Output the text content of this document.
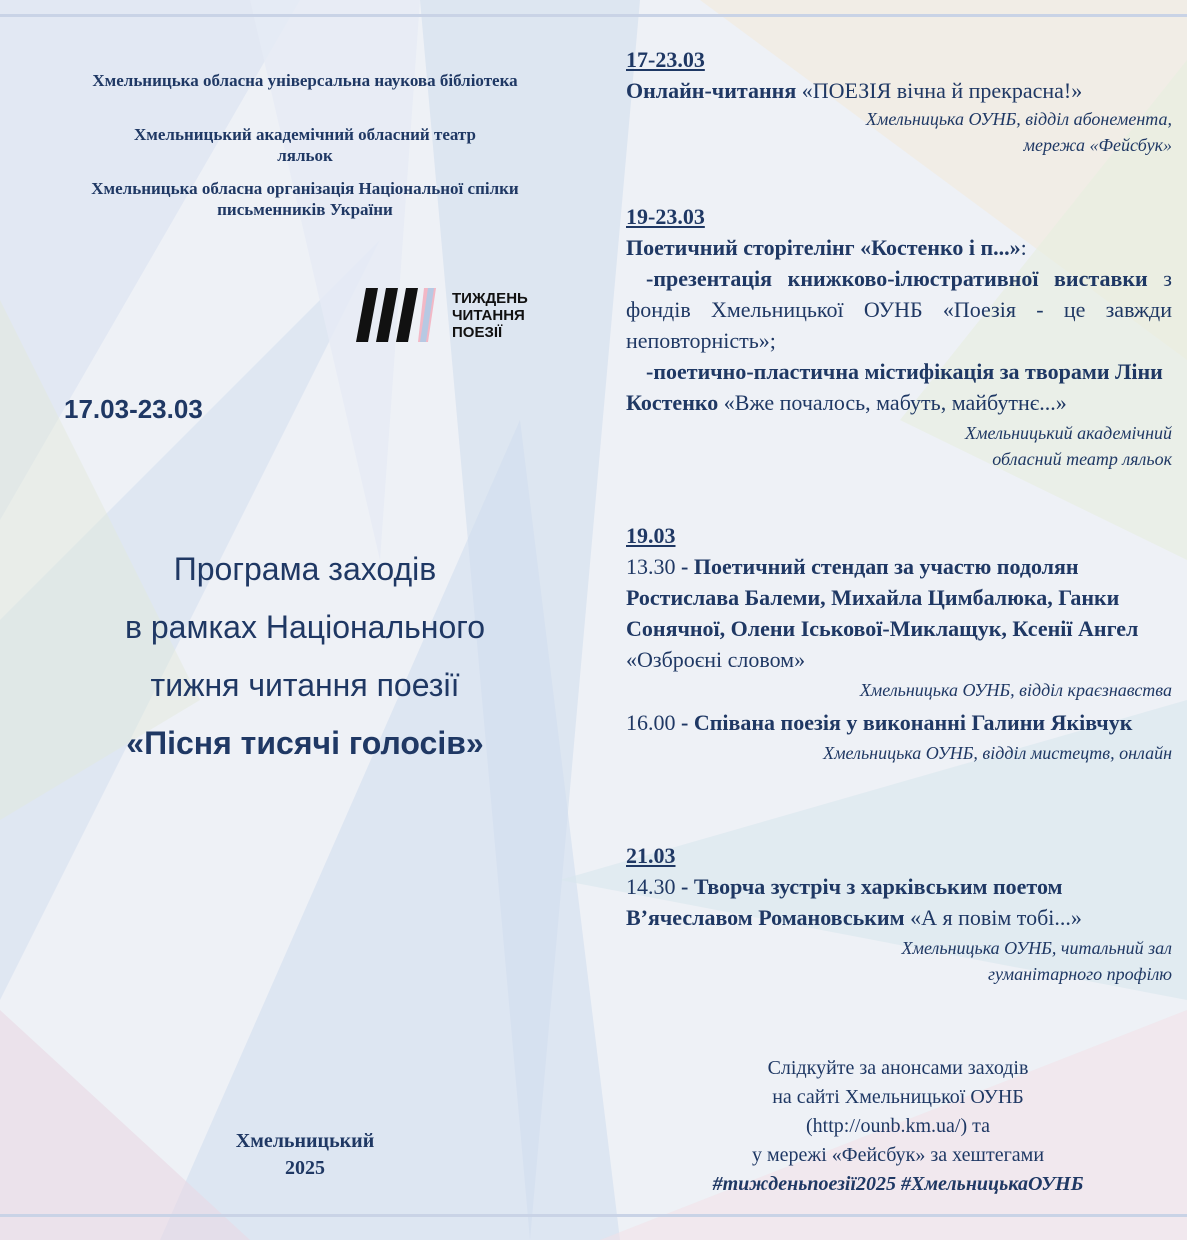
Хмельницька обласна універсальна наукова бібліотека
Хмельницький академічний обласний театр ляльок
Хмельницька обласна організація Національної спілки письменників України
ТИЖДЕНЬ
ЧИТАННЯ
ПОЕЗІЇ
17.03-23.03
Програма заходів
в рамках Національного
тижня читання поезії
«Пісня тисячі голосів»
Хмельницький
2025
17-23.03
Онлайн-читання «ПОЕЗІЯ вічна й прекрасна!»
Хмельницька ОУНБ, відділ абонемента,
мережа «Фейсбук»
19-23.03
Поетичний сторітелінг «Костенко і п...»:
-презентація книжково-ілюстративної виставки з фондів Хмельницької ОУНБ «Поезія - це завжди неповторність»;
-поетично-пластична містифікація за творами Ліни Костенко «Вже почалось, мабуть, майбутнє...»
Хмельницький академічний
обласний театр ляльок
19.03
13.30 - Поетичний стендап за участю подолян Ростислава Балеми, Михайла Цимбалюка, Ганки Сонячної, Олени Іськової-Миклащук, Ксенії Ангел «Озброєні словом»
Хмельницька ОУНБ, відділ краєзнавства
16.00 - Співана поезія у виконанні Галини Яківчук
Хмельницька ОУНБ, відділ мистецтв, онлайн
21.03
14.30 - Творча зустріч з харківським поетом В’ячеславом Романовським «А я повім тобі...»
Хмельницька ОУНБ, читальний зал
гуманітарного профілю
Слідкуйте за анонсами заходів
на сайті Хмельницької ОУНБ
(http://ounb.km.ua/) та
у мережі «Фейсбук» за хештегами
#тижденьпоезії2025 #ХмельницькаОУНБ
